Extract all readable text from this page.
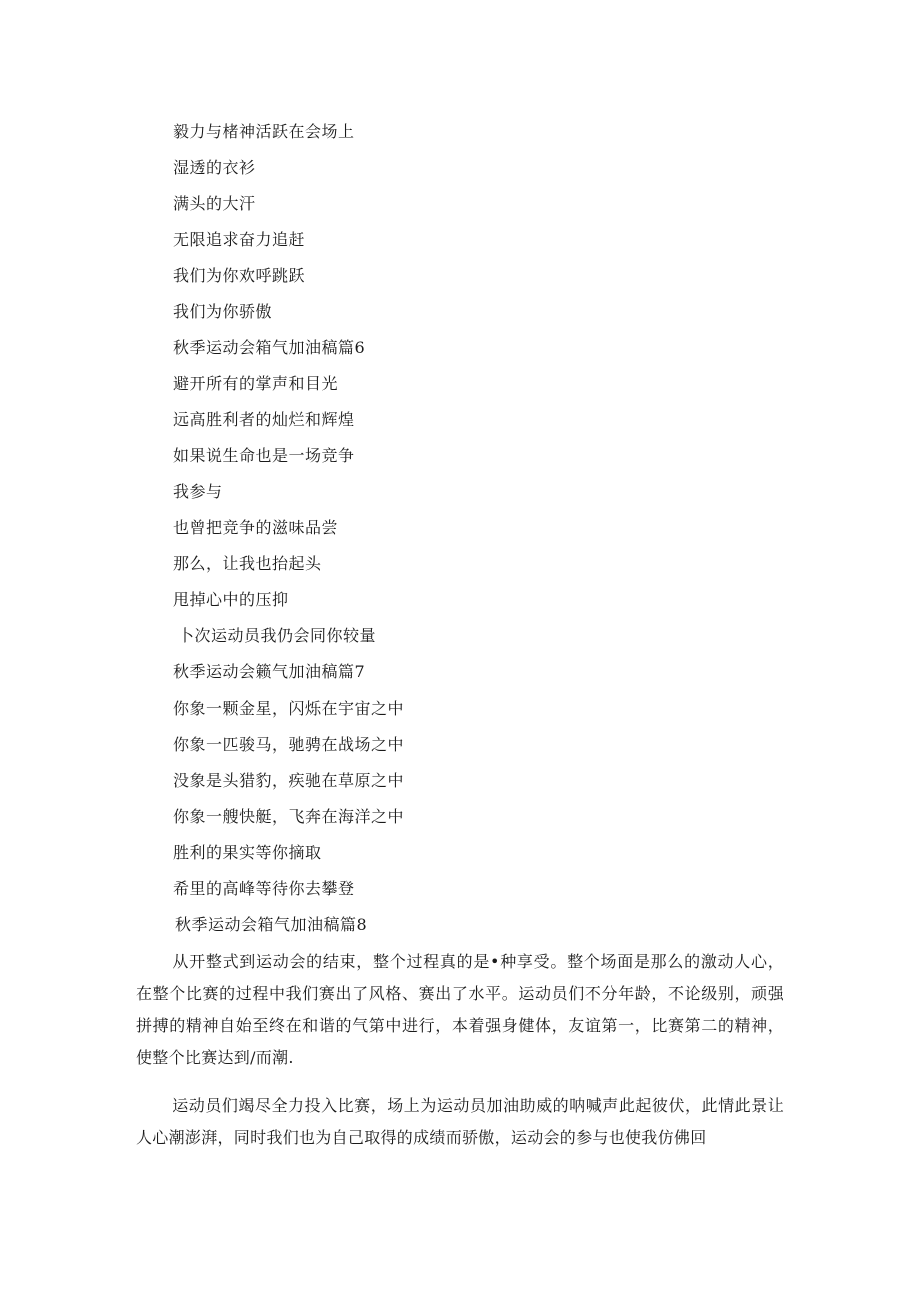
毅力与楮神活跃在会场上
湿透的衣衫
满头的大汗
无限追求奋力追赶
我们为你欢呼跳跃
我们为你骄傲
秋季运动会箱气加油稿篇6
避开所有的掌声和目光
远高胜利者的灿烂和辉煌
如果说生命也是一场竞争
我参与
也曾把竞争的滋味品尝
那么，让我也抬起头
甩掉心中的压抑
卜次运动员我仍会同你较量
秋季运动会籁气加油稿篇7
你象一颗金星，闪烁在宇宙之中
你象一匹骏马，驰骋在战场之中
没象是头猎豹，疾驰在草原之中
你象一艘快艇，飞奔在海洋之中
胜利的果实等你摘取
希里的高峰等待你去攀登
秋季运动会箱气加油稿篇8
从开整式到运动会的结束，整个过程真的是•种享受。整个场面是那么的激动人心，在整个比赛的过程中我们赛出了风格、赛出了水平。运动员们不分年龄，不论级别，顽强拼搏的精神自始至终在和谐的气第中进行，本着强身健体，友谊第一，比赛第二的精神，使整个比赛达到/而潮.
运动员们竭尽全力投入比赛，场上为运动员加油助威的呐喊声此起彼伏，此情此景让人心潮澎湃，同时我们也为自己取得的成绩而骄傲，运动会的参与也使我仿佛回
